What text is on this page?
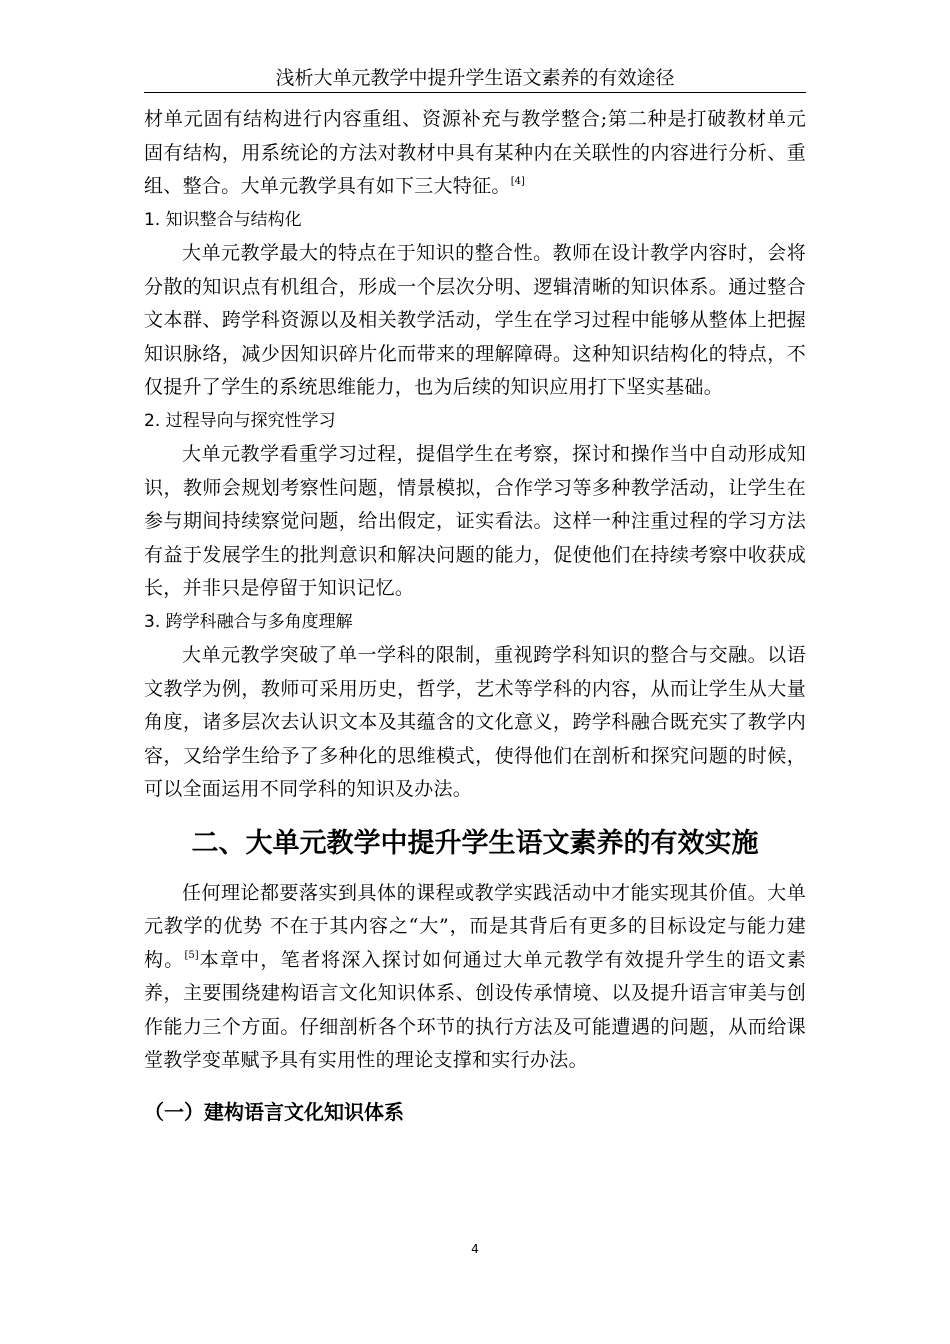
浅析大单元教学中提升学生语文素养的有效途径

材单元固有结构进行内容重组、资源补充与教学整合;第二种是打破教材单元固有结构，用系统论的方法对教材中具有某种内在关联性的内容进行分析、重组、整合。大单元教学具有如下三大特征。[4]

1. 知识整合与结构化

大单元教学最大的特点在于知识的整合性。教师在设计教学内容时，会将分散的知识点有机组合，形成一个层次分明、逻辑清晰的知识体系。通过整合文本群、跨学科资源以及相关教学活动，学生在学习过程中能够从整体上把握知识脉络，减少因知识碎片化而带来的理解障碍。这种知识结构化的特点，不仅提升了学生的系统思维能力，也为后续的知识应用打下坚实基础。

2. 过程导向与探究性学习

大单元教学看重学习过程，提倡学生在考察，探讨和操作当中自动形成知识，教师会规划考察性问题，情景模拟，合作学习等多种教学活动，让学生在参与期间持续察觉问题，给出假定，证实看法。这样一种注重过程的学习方法有益于发展学生的批判意识和解决问题的能力，促使他们在持续考察中收获成长，并非只是停留于知识记忆。

3. 跨学科融合与多角度理解

大单元教学突破了单一学科的限制，重视跨学科知识的整合与交融。以语文教学为例，教师可采用历史，哲学，艺术等学科的内容，从而让学生从大量角度，诸多层次去认识文本及其蕴含的文化意义，跨学科融合既充实了教学内容，又给学生给予了多种化的思维模式，使得他们在剖析和探究问题的时候，可以全面运用不同学科的知识及办法。

二、大单元教学中提升学生语文素养的有效实施

任何理论都要落实到具体的课程或教学实践活动中才能实现其价值。大单元教学的优势 不在于其内容之“大”，而是其背后有更多的目标设定与能力建构。[5]本章中，笔者将深入探讨如何通过大单元教学有效提升学生的语文素养，主要围绕建构语言文化知识体系、创设传承情境、以及提升语言审美与创作能力三个方面。仔细剖析各个环节的执行方法及可能遭遇的问题，从而给课堂教学变革赋予具有实用性的理论支撑和实行办法。

（一）建构语言文化知识体系
4
